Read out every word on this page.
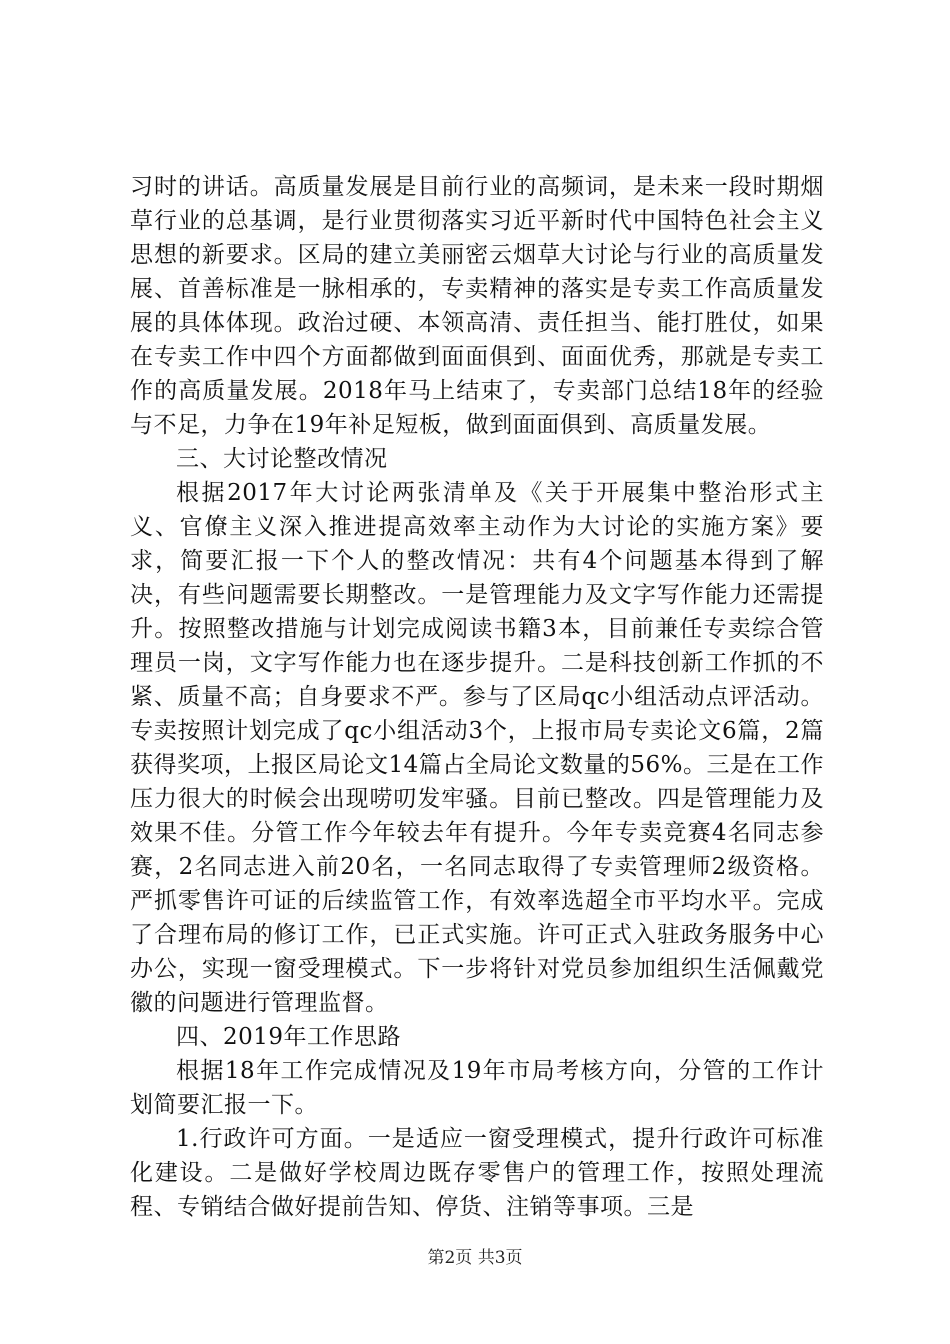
习时的讲话。高质量发展是目前行业的高频词，是未来一段时期烟草行业的总基调，是行业贯彻落实习近平新时代中国特色社会主义思想的新要求。区局的建立美丽密云烟草大讨论与行业的高质量发展、首善标准是一脉相承的，专卖精神的落实是专卖工作高质量发展的具体体现。政治过硬、本领高清、责任担当、能打胜仗，如果在专卖工作中四个方面都做到面面俱到、面面优秀，那就是专卖工作的高质量发展。2018年马上结束了，专卖部门总结18年的经验与不足，力争在19年补足短板，做到面面俱到、高质量发展。

三、大讨论整改情况

根据2017年大讨论两张清单及《关于开展集中整治形式主义、官僚主义深入推进提高效率主动作为大讨论的实施方案》要求，简要汇报一下个人的整改情况：共有4个问题基本得到了解决，有些问题需要长期整改。一是管理能力及文字写作能力还需提升。按照整改措施与计划完成阅读书籍3本，目前兼任专卖综合管理员一岗，文字写作能力也在逐步提升。二是科技创新工作抓的不紧、质量不高；自身要求不严。参与了区局qc小组活动点评活动。专卖按照计划完成了qc小组活动3个，上报市局专卖论文6篇，2篇获得奖项，上报区局论文14篇占全局论文数量的56%。三是在工作压力很大的时候会出现唠叨发牢骚。目前已整改。四是管理能力及效果不佳。分管工作今年较去年有提升。今年专卖竞赛4名同志参赛，2名同志进入前20名，一名同志取得了专卖管理师2级资格。严抓零售许可证的后续监管工作，有效率选超全市平均水平。完成了合理布局的修订工作，已正式实施。许可正式入驻政务服务中心办公，实现一窗受理模式。下一步将针对党员参加组织生活佩戴党徽的问题进行管理监督。

四、2019年工作思路

根据18年工作完成情况及19年市局考核方向，分管的工作计划简要汇报一下。

1.行政许可方面。一是适应一窗受理模式，提升行政许可标准化建设。二是做好学校周边既存零售户的管理工作，按照处理流程、专销结合做好提前告知、停货、注销等事项。三是

第2页 共3页
